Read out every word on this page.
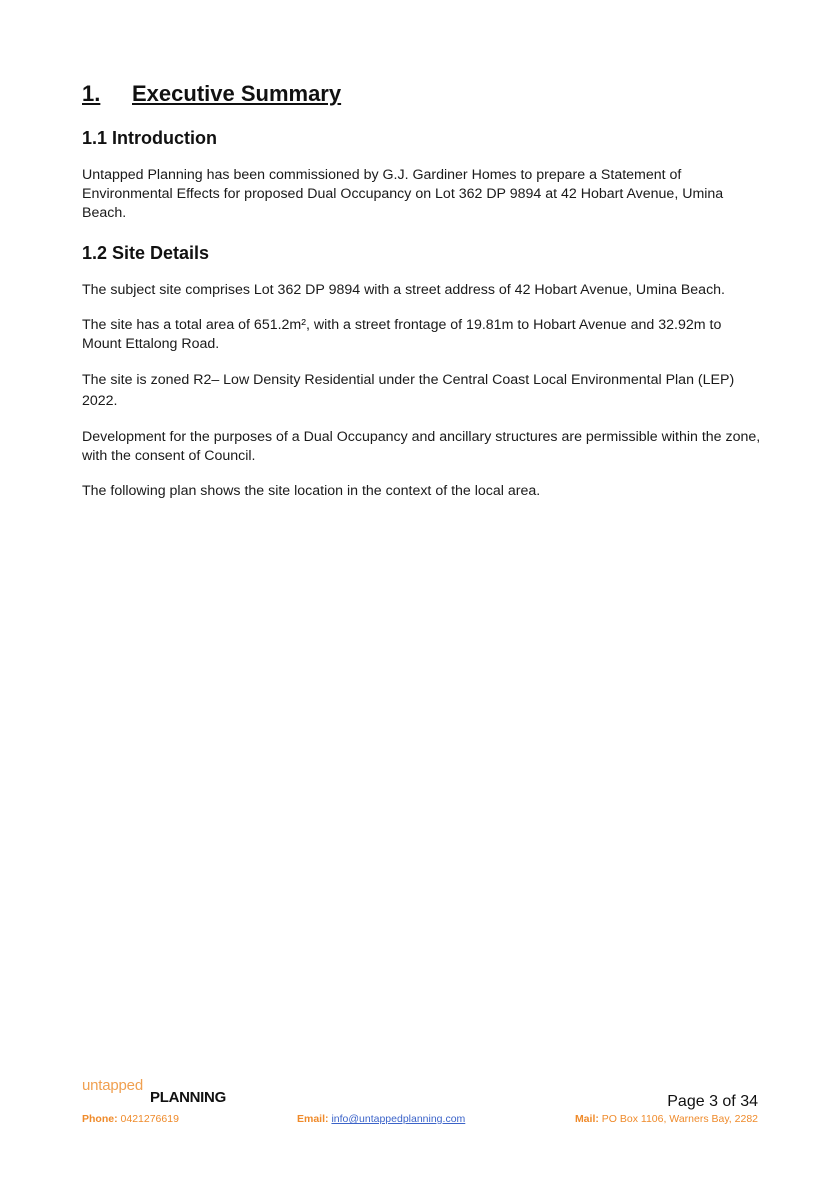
1.	Executive Summary
1.1 Introduction

Untapped Planning has been commissioned by G.J. Gardiner Homes to prepare a Statement of Environmental Effects for proposed Dual Occupancy on Lot 362 DP 9894 at 42 Hobart Avenue, Umina Beach.

1.2 Site Details

The subject site comprises Lot 362 DP 9894 with a street address of 42 Hobart Avenue, Umina Beach.

The site has a total area of 651.2m², with a street frontage of 19.81m to Hobart Avenue and 32.92m to Mount Ettalong Road.

The site is zoned R2– Low Density Residential under the Central Coast Local Environmental Plan (LEP) 2022.

Development for the purposes of a Dual Occupancy and ancillary structures are permissible within the zone, with the consent of Council.

The following plan shows the site location in the context of the local area.

untapped
PLANNING	Page 3 of 34
Phone: 0421276619	Email: info@untappedplanning.com	Mail: PO Box 1106, Warners Bay, 2282
